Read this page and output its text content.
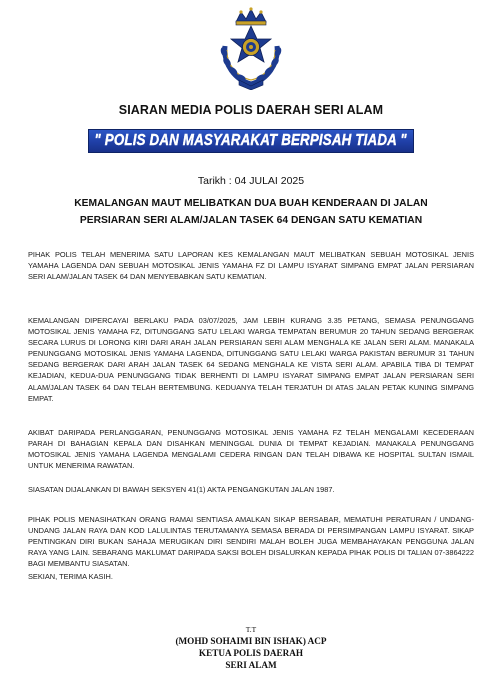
SIARAN MEDIA POLIS DAERAH SERI ALAM
" POLIS DAN MASYARAKAT BERPISAH TIADA "
Tarikh : 04 JULAI 2025
KEMALANGAN MAUT MELIBATKAN DUA BUAH KENDERAAN DI JALAN
PERSIARAN SERI ALAM/JALAN TASEK 64 DENGAN SATU KEMATIAN
PIHAK POLIS TELAH MENERIMA SATU LAPORAN KES KEMALANGAN MAUT MELIBATKAN SEBUAH MOTOSIKAL JENIS YAMAHA LAGENDA DAN SEBUAH MOTOSIKAL JENIS YAMAHA FZ DI LAMPU ISYARAT SIMPANG EMPAT JALAN PERSIARAN SERI ALAM/JALAN TASEK 64 DAN MENYEBABKAN SATU KEMATIAN.
KEMALANGAN DIPERCAYAI BERLAKU PADA 03/07/2025, JAM LEBIH KURANG 3.35 PETANG, SEMASA PENUNGGANG MOTOSIKAL JENIS YAMAHA FZ, DITUNGGANG SATU LELAKI WARGA TEMPATAN BERUMUR 20 TAHUN SEDANG BERGERAK SECARA LURUS DI LORONG KIRI DARI ARAH JALAN PERSIARAN SERI ALAM MENGHALA KE JALAN SERI ALAM. MANAKALA PENUNGGANG MOTOSIKAL JENIS YAMAHA LAGENDA, DITUNGGANG SATU LELAKI WARGA PAKISTAN BERUMUR 31 TAHUN SEDANG BERGERAK DARI ARAH JALAN TASEK 64 SEDANG MENGHALA KE VISTA SERI ALAM. APABILA TIBA DI TEMPAT KEJADIAN, KEDUA-DUA PENUNGGANG TIDAK BERHENTI DI LAMPU ISYARAT SIMPANG EMPAT JALAN PERSIARAN SERI ALAM/JALAN TASEK 64 DAN TELAH BERTEMBUNG. KEDUANYA TELAH TERJATUH DI ATAS JALAN PETAK KUNING SIMPANG EMPAT.
AKIBAT DARIPADA PERLANGGARAN, PENUNGGANG MOTOSIKAL JENIS YAMAHA FZ TELAH MENGALAMI KECEDERAAN PARAH DI BAHAGIAN KEPALA DAN DISAHKAN MENINGGAL DUNIA DI TEMPAT KEJADIAN. MANAKALA PENUNGGANG MOTOSIKAL JENIS YAMAHA LAGENDA MENGALAMI CEDERA RINGAN DAN TELAH DIBAWA KE HOSPITAL SULTAN ISMAIL UNTUK MENERIMA RAWATAN.
SIASATAN DIJALANKAN DI BAWAH SEKSYEN 41(1) AKTA PENGANGKUTAN JALAN 1987.
PIHAK POLIS MENASIHATKAN ORANG RAMAI SENTIASA AMALKAN SIKAP BERSABAR, MEMATUHI PERATURAN / UNDANG-UNDANG JALAN RAYA DAN KOD LALULINTAS TERUTAMANYA SEMASA BERADA DI PERSIMPANGAN LAMPU ISYARAT. SIKAP PENTINGKAN DIRI BUKAN SAHAJA MERUGIKAN DIRI SENDIRI MALAH BOLEH JUGA MEMBAHAYAKAN PENGGUNA JALAN RAYA YANG LAIN. SEBARANG MAKLUMAT DARIPADA SAKSI BOLEH DISALURKAN KEPADA PIHAK POLIS DI TALIAN 07-3864222 BAGI MEMBANTU SIASATAN.
SEKIAN, TERIMA KASIH.
T.T
(MOHD SOHAIMI BIN ISHAK) ACP
KETUA POLIS DAERAH
SERI ALAM
